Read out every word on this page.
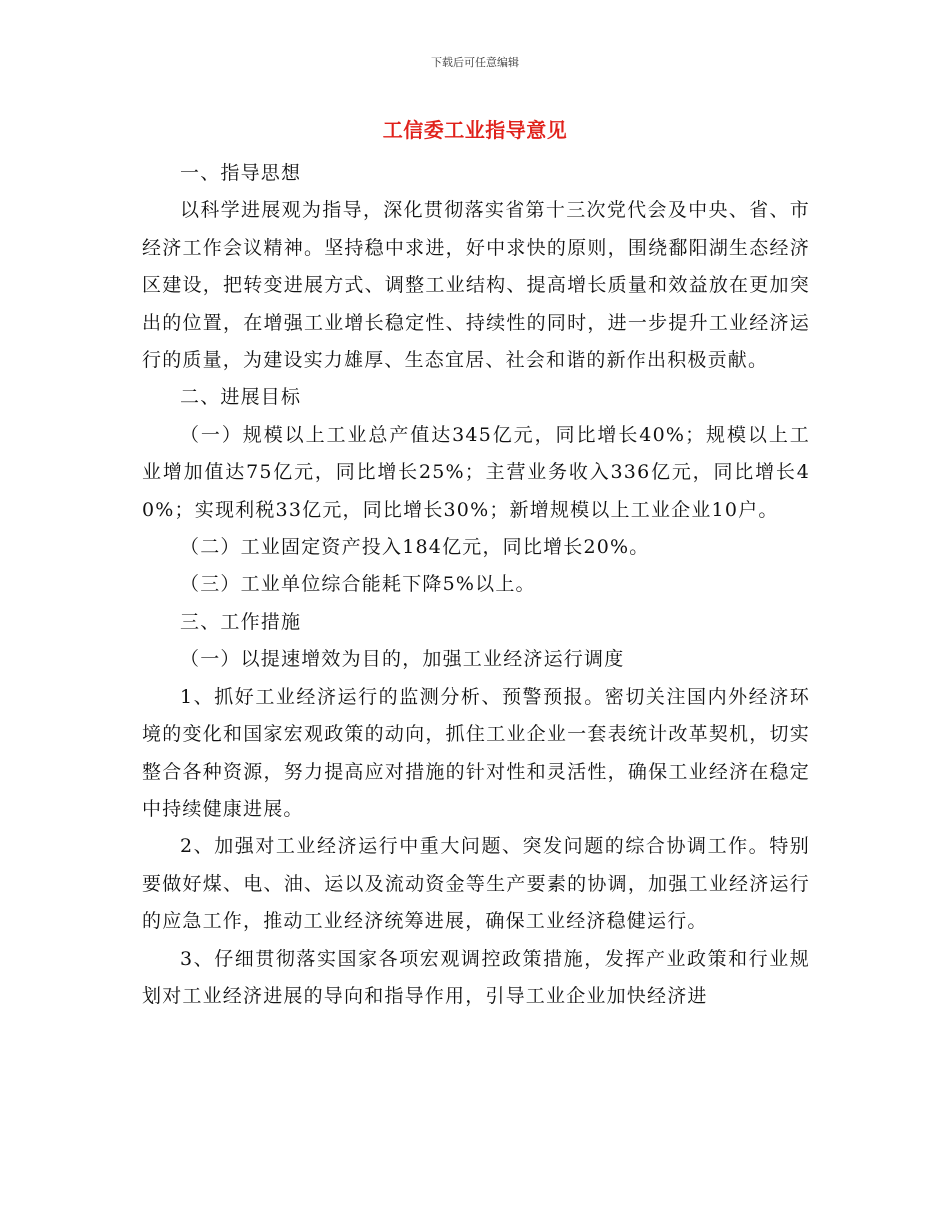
下载后可任意编辑
工信委工业指导意见

一、指导思想

以科学进展观为指导，深化贯彻落实省第十三次党代会及中央、省、市经济工作会议精神。坚持稳中求进，好中求快的原则，围绕鄱阳湖生态经济区建设，把转变进展方式、调整工业结构、提高增长质量和效益放在更加突出的位置，在增强工业增长稳定性、持续性的同时，进一步提升工业经济运行的质量，为建设实力雄厚、生态宜居、社会和谐的新作出积极贡献。

二、进展目标

（一）规模以上工业总产值达345亿元，同比增长40%；规模以上工业增加值达75亿元，同比增长25%；主营业务收入336亿元，同比增长40%；实现利税33亿元，同比增长30%；新增规模以上工业企业10户。

（二）工业固定资产投入184亿元，同比增长20%。

（三）工业单位综合能耗下降5%以上。

三、工作措施

（一）以提速增效为目的，加强工业经济运行调度

1、抓好工业经济运行的监测分析、预警预报。密切关注国内外经济环境的变化和国家宏观政策的动向，抓住工业企业一套表统计改革契机，切实整合各种资源，努力提高应对措施的针对性和灵活性，确保工业经济在稳定中持续健康进展。

2、加强对工业经济运行中重大问题、突发问题的综合协调工作。特别要做好煤、电、油、运以及流动资金等生产要素的协调，加强工业经济运行的应急工作，推动工业经济统筹进展，确保工业经济稳健运行。

3、仔细贯彻落实国家各项宏观调控政策措施，发挥产业政策和行业规划对工业经济进展的导向和指导作用，引导工业企业加快经济进
